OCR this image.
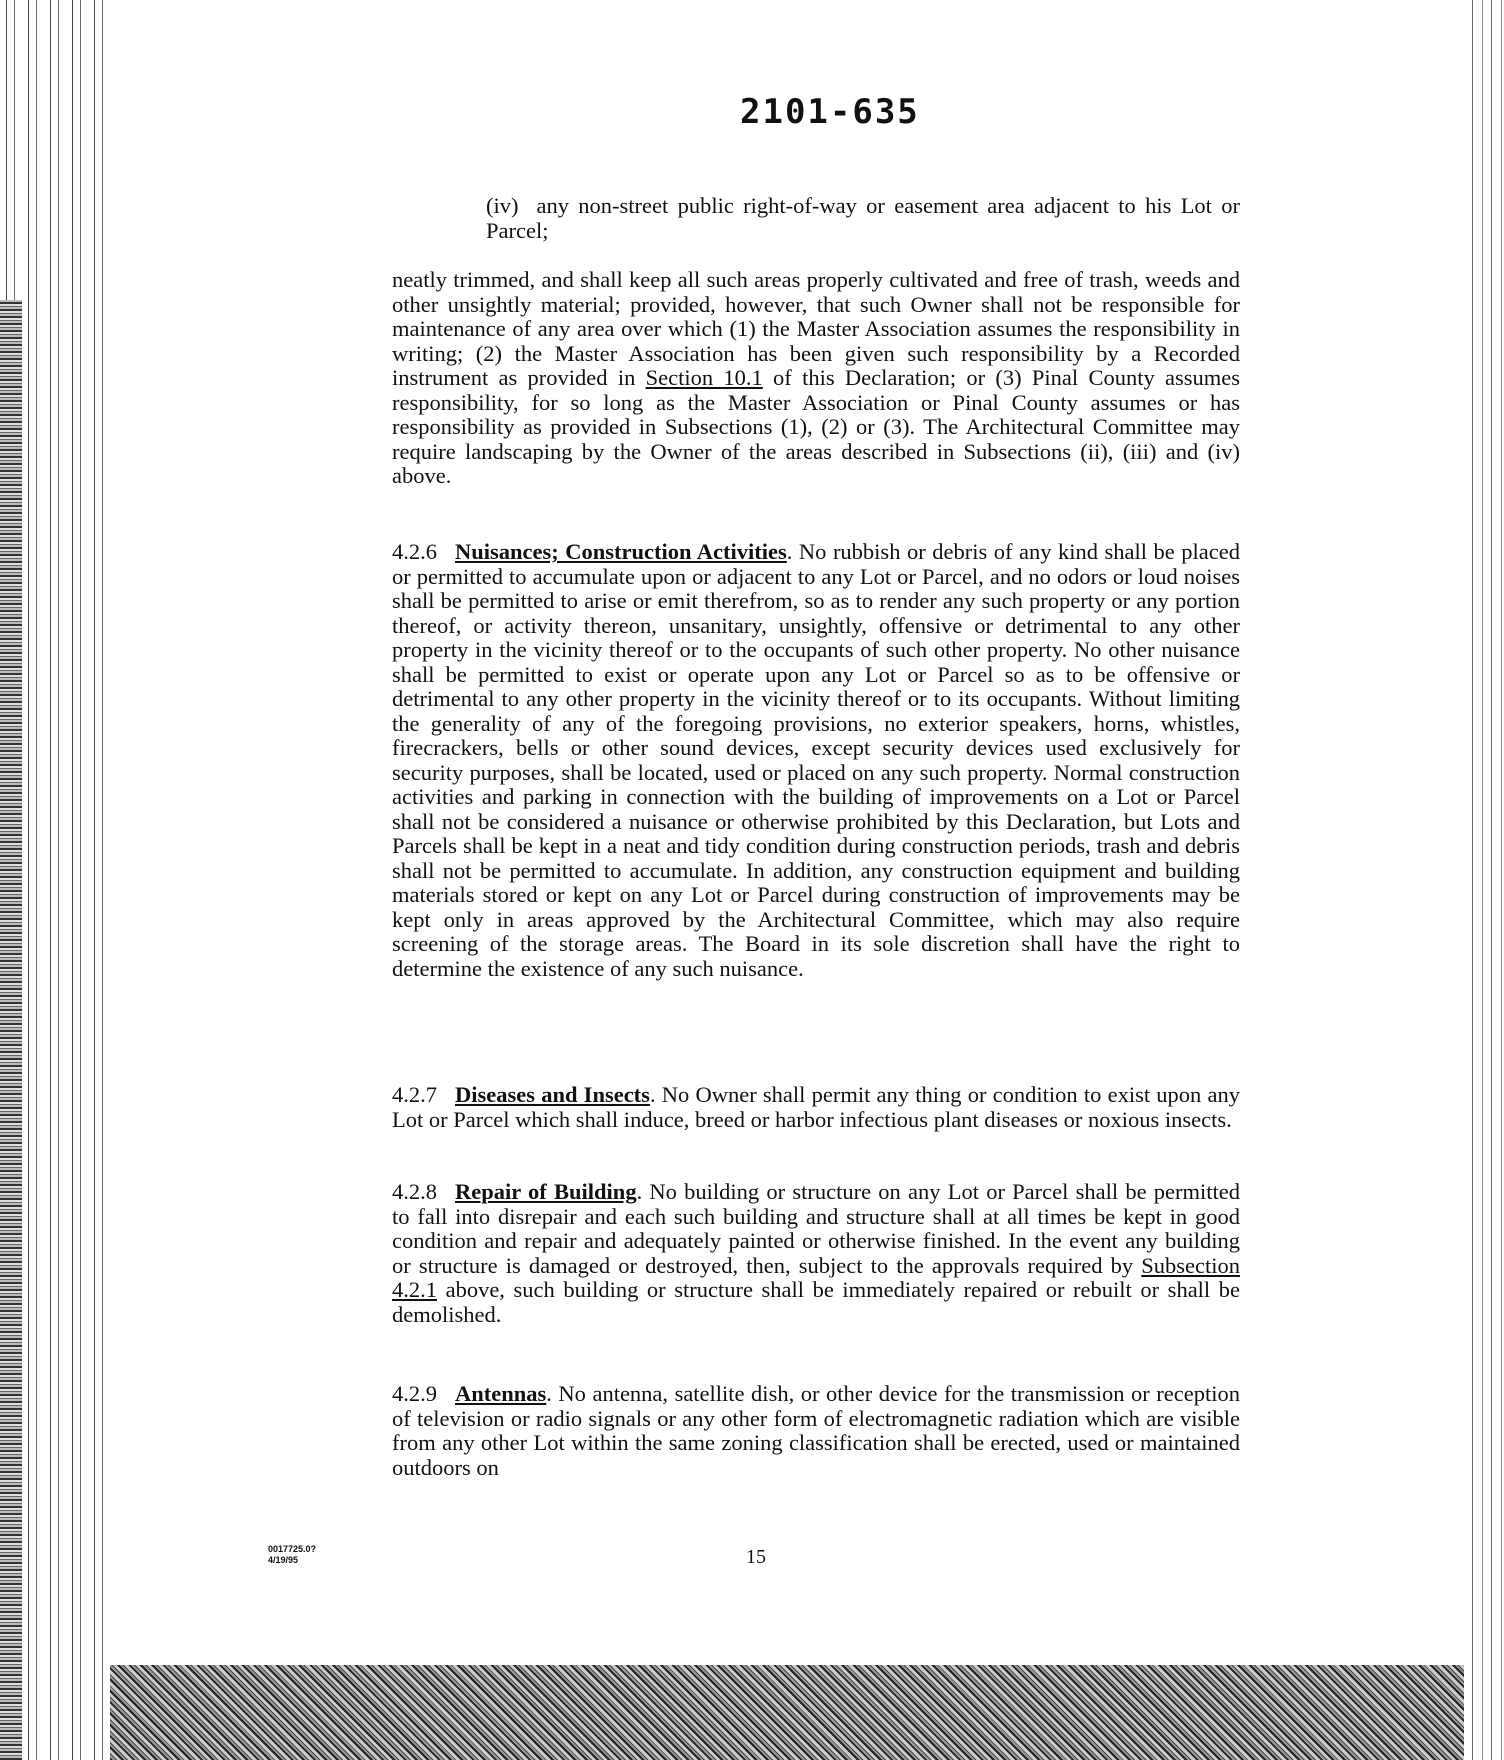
2101-635
(iv) any non-street public right-of-way or easement area adjacent to his Lot or Parcel;
neatly trimmed, and shall keep all such areas properly cultivated and free of trash, weeds and other unsightly material; provided, however, that such Owner shall not be responsible for maintenance of any area over which (1) the Master Association assumes the responsibility in writing; (2) the Master Association has been given such responsibility by a Recorded instrument as provided in Section 10.1 of this Declaration; or (3) Pinal County assumes responsibility, for so long as the Master Association or Pinal County assumes or has responsibility as provided in Subsections (1), (2) or (3). The Architectural Committee may require landscaping by the Owner of the areas described in Subsections (ii), (iii) and (iv) above.
4.2.6 Nuisances; Construction Activities. No rubbish or debris of any kind shall be placed or permitted to accumulate upon or adjacent to any Lot or Parcel, and no odors or loud noises shall be permitted to arise or emit therefrom, so as to render any such property or any portion thereof, or activity thereon, unsanitary, unsightly, offensive or detrimental to any other property in the vicinity thereof or to the occupants of such other property. No other nuisance shall be permitted to exist or operate upon any Lot or Parcel so as to be offensive or detrimental to any other property in the vicinity thereof or to its occupants. Without limiting the generality of any of the foregoing provisions, no exterior speakers, horns, whistles, firecrackers, bells or other sound devices, except security devices used exclusively for security purposes, shall be located, used or placed on any such property. Normal construction activities and parking in connection with the building of improvements on a Lot or Parcel shall not be considered a nuisance or otherwise prohibited by this Declaration, but Lots and Parcels shall be kept in a neat and tidy condition during construction periods, trash and debris shall not be permitted to accumulate. In addition, any construction equipment and building materials stored or kept on any Lot or Parcel during construction of improvements may be kept only in areas approved by the Architectural Committee, which may also require screening of the storage areas. The Board in its sole discretion shall have the right to determine the existence of any such nuisance.
4.2.7 Diseases and Insects. No Owner shall permit any thing or condition to exist upon any Lot or Parcel which shall induce, breed or harbor infectious plant diseases or noxious insects.
4.2.8 Repair of Building. No building or structure on any Lot or Parcel shall be permitted to fall into disrepair and each such building and structure shall at all times be kept in good condition and repair and adequately painted or otherwise finished. In the event any building or structure is damaged or destroyed, then, subject to the approvals required by Subsection 4.2.1 above, such building or structure shall be immediately repaired or rebuilt or shall be demolished.
4.2.9 Antennas. No antenna, satellite dish, or other device for the transmission or reception of television or radio signals or any other form of electromagnetic radiation which are visible from any other Lot within the same zoning classification shall be erected, used or maintained outdoors on
0017725.0?
4/19/95	15
